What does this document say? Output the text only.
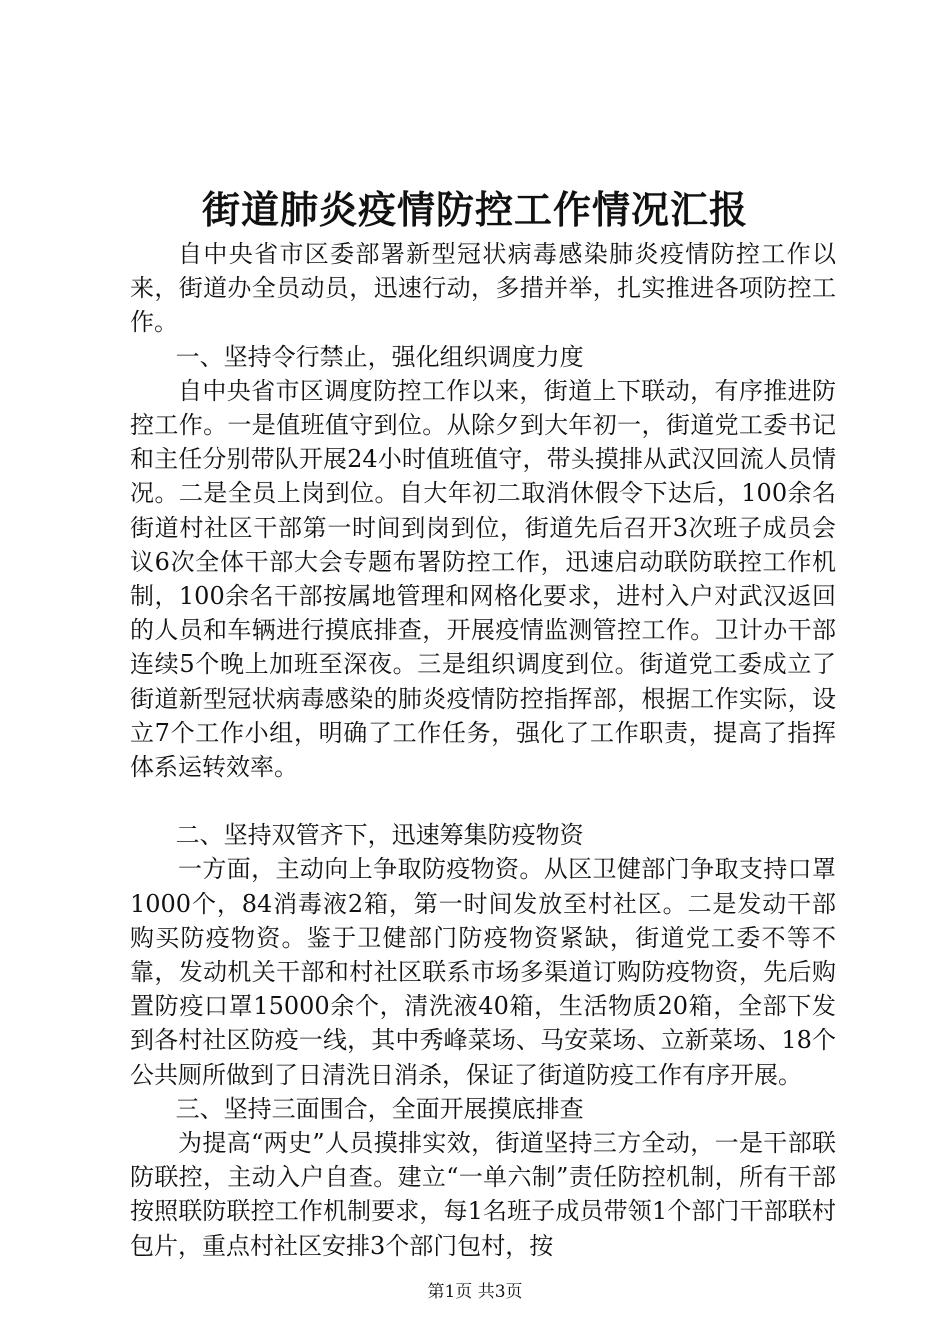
街道肺炎疫情防控工作情况汇报

自中央省市区委部署新型冠状病毒感染肺炎疫情防控工作以来，街道办全员动员，迅速行动，多措并举，扎实推进各项防控工作。

一、坚持令行禁止，强化组织调度力度

自中央省市区调度防控工作以来，街道上下联动，有序推进防控工作。一是值班值守到位。从除夕到大年初一，街道党工委书记和主任分别带队开展24小时值班值守，带头摸排从武汉回流人员情况。二是全员上岗到位。自大年初二取消休假令下达后，100余名街道村社区干部第一时间到岗到位，街道先后召开3次班子成员会议6次全体干部大会专题布署防控工作，迅速启动联防联控工作机制，100余名干部按属地管理和网格化要求，进村入户对武汉返回的人员和车辆进行摸底排查，开展疫情监测管控工作。卫计办干部连续5个晚上加班至深夜。三是组织调度到位。街道党工委成立了街道新型冠状病毒感染的肺炎疫情防控指挥部，根据工作实际，设立7个工作小组，明确了工作任务，强化了工作职责，提高了指挥体系运转效率。

二、坚持双管齐下，迅速筹集防疫物资

一方面，主动向上争取防疫物资。从区卫健部门争取支持口罩1000个，84消毒液2箱，第一时间发放至村社区。二是发动干部购买防疫物资。鉴于卫健部门防疫物资紧缺，街道党工委不等不靠，发动机关干部和村社区联系市场多渠道订购防疫物资，先后购置防疫口罩15000余个，清洗液40箱，生活物质20箱，全部下发到各村社区防疫一线，其中秀峰菜场、马安菜场、立新菜场、18个公共厕所做到了日清洗日消杀，保证了街道防疫工作有序开展。

三、坚持三面围合，全面开展摸底排查

为提高“两史”人员摸排实效，街道坚持三方全动，一是干部联防联控，主动入户自查。建立“一单六制”责任防控机制，所有干部按照联防联控工作机制要求，每1名班子成员带领1个部门干部联村包片，重点村社区安排3个部门包村，按

第1页 共3页
